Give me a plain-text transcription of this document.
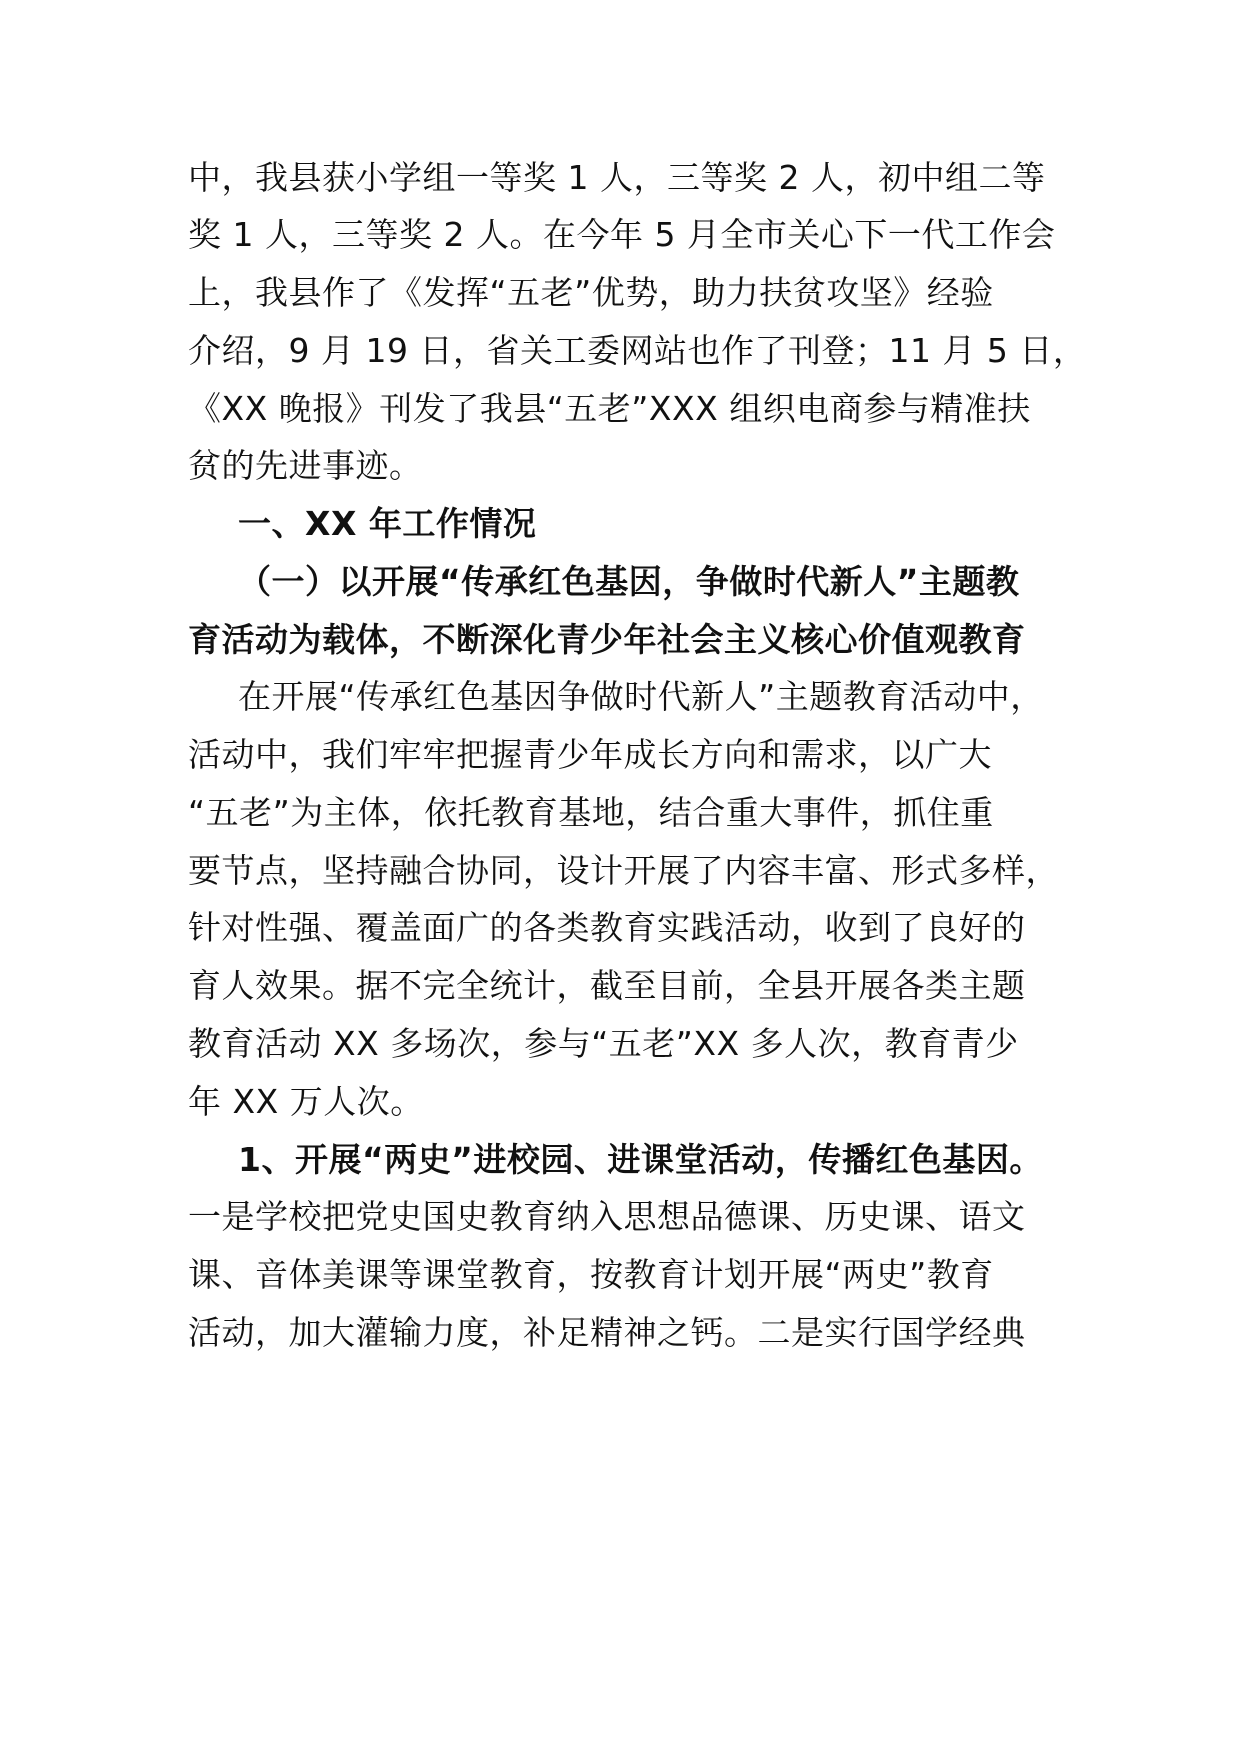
中，我县获小学组一等奖 1 人，三等奖 2 人，初中组二等
奖 1 人，三等奖 2 人。在今年 5 月全市关心下一代工作会
上，我县作了《发挥“五老”优势，助力扶贫攻坚》经验
介绍，9 月 19 日，省关工委网站也作了刊登；11 月 5 日，
《XX 晚报》刊发了我县“五老”XXX 组织电商参与精准扶
贫的先进事迹。
一、XX 年工作情况
（一）以开展“传承红色基因，争做时代新人”主题教
育活动为载体，不断深化青少年社会主义核心价值观教育
在开展“传承红色基因争做时代新人”主题教育活动中，
活动中，我们牢牢把握青少年成长方向和需求，以广大
“五老”为主体，依托教育基地，结合重大事件，抓住重
要节点，坚持融合协同，设计开展了内容丰富、形式多样，
针对性强、覆盖面广的各类教育实践活动，收到了良好的
育人效果。据不完全统计，截至目前，全县开展各类主题
教育活动 XX 多场次，参与“五老”XX 多人次，教育青少
年 XX 万人次。
1、开展“两史”进校园、进课堂活动，传播红色基因。
一是学校把党史国史教育纳入思想品德课、历史课、语文
课、音体美课等课堂教育，按教育计划开展“两史”教育
活动，加大灌输力度，补足精神之钙。二是实行国学经典
